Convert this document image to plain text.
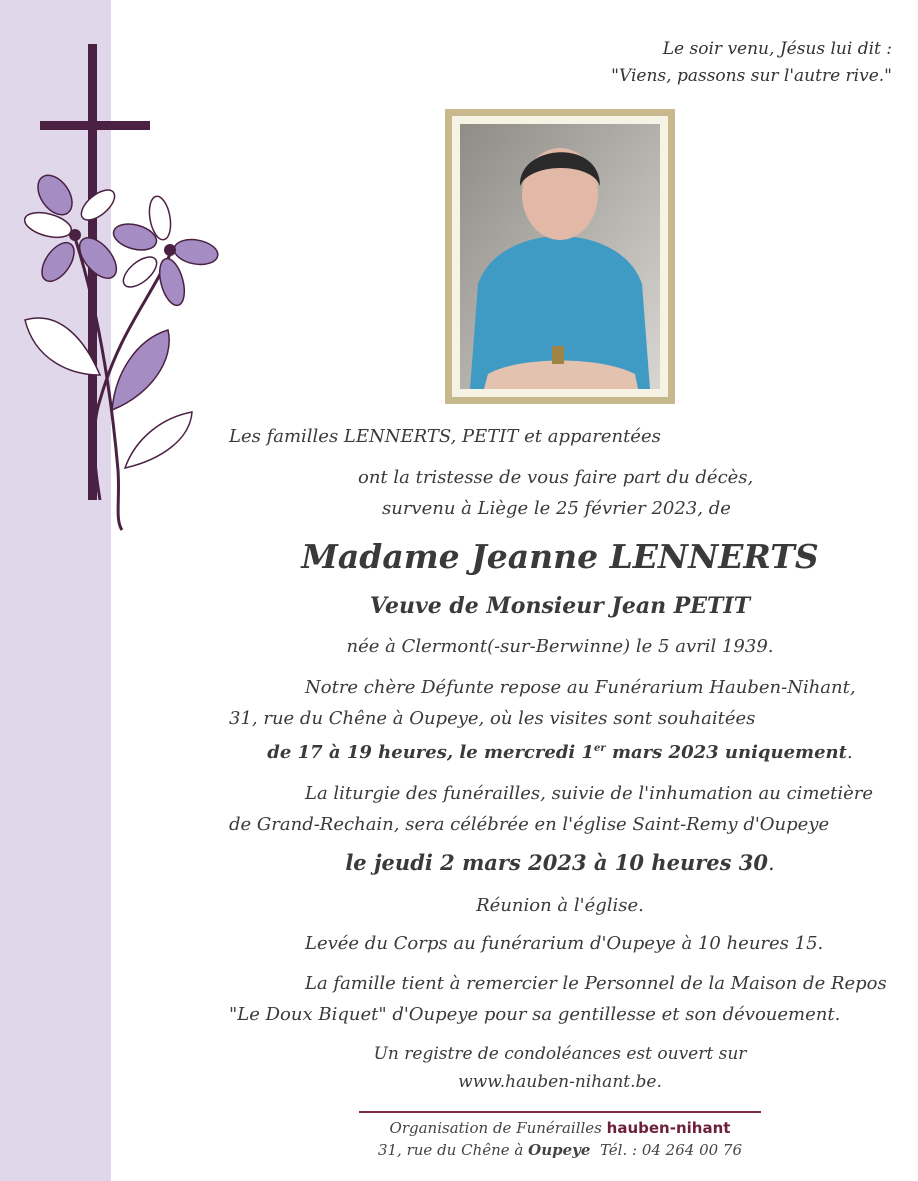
Le soir venu, Jésus lui dit :
"Viens, passons sur l'autre rive."
Les familles LENNERTS, PETIT et apparentées
ont la tristesse de vous faire part du décès,
survenu à Liège le 25 février 2023, de
Madame Jeanne LENNERTS
Veuve de Monsieur Jean PETIT
née à Clermont(-sur-Berwinne) le 5 avril 1939.
Notre chère Défunte repose au Funérarium Hauben-Nihant,
31, rue du Chêne à Oupeye, où les visites sont souhaitées
de 17 à 19 heures, le mercredi 1er mars 2023 uniquement.
La liturgie des funérailles, suivie de l'inhumation au cimetière
de Grand-Rechain, sera célébrée en l'église Saint-Remy d'Oupeye
le jeudi 2 mars 2023 à 10 heures 30.
Réunion à l'église.
Levée du Corps au funérarium d'Oupeye à 10 heures 15.
La famille tient à remercier le Personnel de la Maison de Repos
"Le Doux Biquet" d'Oupeye pour sa gentillesse et son dévouement.
Un registre de condoléances est ouvert sur
www.hauben-nihant.be.
Organisation de Funérailles hauben-nihant
31, rue du Chêne à Oupeye Tél. : 04 264 00 76
